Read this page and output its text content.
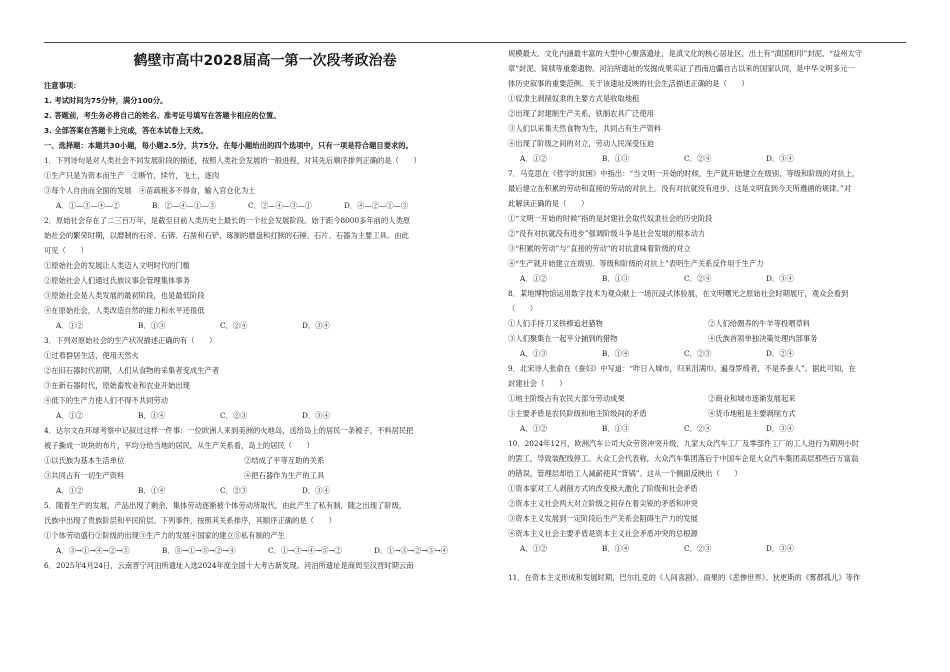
鹤壁市高中2028届高一第一次段考政治卷

注意事项：

1. 考试时间为75分钟，满分100分。

2. 答题前，考生务必将自己的姓名、准考证号填写在答题卡相应的位置。

3. 全部答案在答题卡上完成，答在本试卷上无效。

一、选择题：本题共30小题，每小题2.5分，共75分。在每小题给出的四个选项中，只有一项是符合题目要求的。

1．下列诗句是对人类社会不同发展阶段的描述，按照人类社会发展的一般进程，对其先后顺序排列正确的是（　　）

①生产只是为资本而生产　②断竹，续竹，飞土，逐肉

③每个人自由而全面的发展　④苗疏税多不得食，输入官仓化为土

A．①—③—④—②	B．②—④—①—③	C．②—④—③—①	D．④—②—①—③

2．原始社会存在了二三百万年，是截至目前人类历史上最长的一个社会发展阶段。始于距今8000多年前的人类原

始社会的繁荣时期，以磨制的石斧、石锛、石凿和石铲，琢制的磨盘和打制的石锤、石片、石器为主要工具。由此

可见（　　）

①原始社会的发展让人类迈入文明时代的门槛

②原始社会人们通过氏族议事会管理集体事务

③原始社会是人类发展的最初阶段，也是最低阶段

④在原始社会，人类改造自然的能力和水平还很低

A．①②	B．①③	C．②④	D．③④

3．下列对原始社会的生产状况描述正确的有（　　）

①过着群居生活，使用天然火

②在旧石器时代初期，人们从食物的采集者变成生产者

③在新石器时代，原始畜牧业和农业开始出现

④低下的生产力使人们不得不共同劳动

A．①②	B．①④	C．②③	D．③④

4．达尔文在环球考察中记叙过这样一件事：一位欧洲人来到美洲的火地岛，送给岛上的居民一条被子，不料居民把

被子撕成一块块的布片，平均分给当地的居民。从生产关系看，岛上的居民（　　）

①以氏族为基本生活单位	②结成了平等互助的关系
③共同占有一切生产资料	④把石器作为生产的工具
A．①②	B．①④	C．②③	D．③④

5．随着生产的发展，产品出现了剩余，集体劳动逐渐被个体劳动所取代，由此产生了私有制，随之出现了阶级，

氏族中出现了贵族阶层和平民阶层。下列事件，按照其关系排序，其顺序正确的是（　　）

①个体劳动盛行②阶级的出现③生产力的发展④国家的建立⑤私有制的产生

A．③→①→④→②→⑤	B．③→①→⑤→②→④	C．①→③→④→⑤→②	D．①→③→②→⑤→④

6．2025年4月24日，云南晋宁河泊所遗址入选2024年度全国十大考古新发现。河泊所遗址是商周至汉晋时期云南

规模最大、文化内涵最丰富的大型中心聚落遗址，是滇文化的核心居址区，出土有“滇国相印”封泥、“益州太守

章”封泥、简牍等重要遗物。河泊所遗址的发掘成果实证了西南边疆自古以来的国家认同，是中华文明多元一

体历史叙事的重要范例。关于该遗址反映的社会生活描述正确的是（　　）

①奴隶主剥削奴隶的主要方式是收取地租

②出现了封建制生产关系，铁制农具广泛使用

③人们以采集天然食物为生，共同占有生产资料

④出现了阶级之间的对立，劳动人民深受压迫

A．①②	B．①③	C．②④	D．③④

7．马克思在《哲学的贫困》中指出：“当文明一开始的时候，生产就开始建立在级别、等级和阶级的对抗上，

最后建立在积累的劳动和直接的劳动的对抗上。没有对抗就没有进步，这是文明直到今天所遵循的规律。”对

此解读正确的是（　　）

①“文明一开始的时候”指的是封建社会取代奴隶社会的历史阶段

②“没有对抗就没有进步”强调阶级斗争是社会发展的根本动力

③“积累的劳动”与“直接的劳动”的对抗意味着阶级的对立

④“生产就开始建立在级别、等级和阶级的对抗上”表明生产关系反作用于生产力

A．①②	B．①③	C．②④	D．③④

8．某地博物馆运用数字技术为观众献上一场沉浸式体验展，在文明曙光之原始社会时期展厅，观众会看到

（　　）

①人们手持刀叉铁棒追赶猎物	②人们给圈养的牛羊等投喂草料
③人们聚集在一起平分捕到的猎物	④氏族首领单独决策处理内部事务
A．①③	B．①④	C．②③	D．②④

9．北宋诗人张俞在《蚕妇》中写道：“昨日入城市，归来泪满巾。遍身罗绮者，不是养蚕人”。据此可知，在

封建社会（　　）

①地主阶级占有农民大部分劳动成果	②商业和城市逐渐发展起来
③主要矛盾是农民阶级和地主阶级间的矛盾	④货币地租是主要剥削方式
A．①②	B．①③	C．②④	D．③④

10．2024年12月，欧洲汽车公司大众劳资冲突升级，九家大众汽车工厂及零部件工厂的工人进行为期两小时

的罢工，导致装配线停工。大众工会代表称，大众汽车集团落后于中国车企是大众汽车集团高层那些百万富翁

的错误，管理层却给工人减薪使其“背锅”。这从一个侧面反映出（　　）

①资本家对工人剥削方式的改变极大激化了阶级和社会矛盾

②资本主义社会两大对立阶级之间存在着尖锐的矛盾和冲突

③资本主义发展到一定阶段后生产关系会阻碍生产力的发展

④资本主义社会主要矛盾是资本主义社会矛盾冲突的总根源

A．①②	B．①④	C．②③	D．③④

11．在资本主义形成和发展时期，巴尔扎克的《人间喜剧》、雨果的《悲惨世界》、狄更斯的《雾都孤儿》等作
